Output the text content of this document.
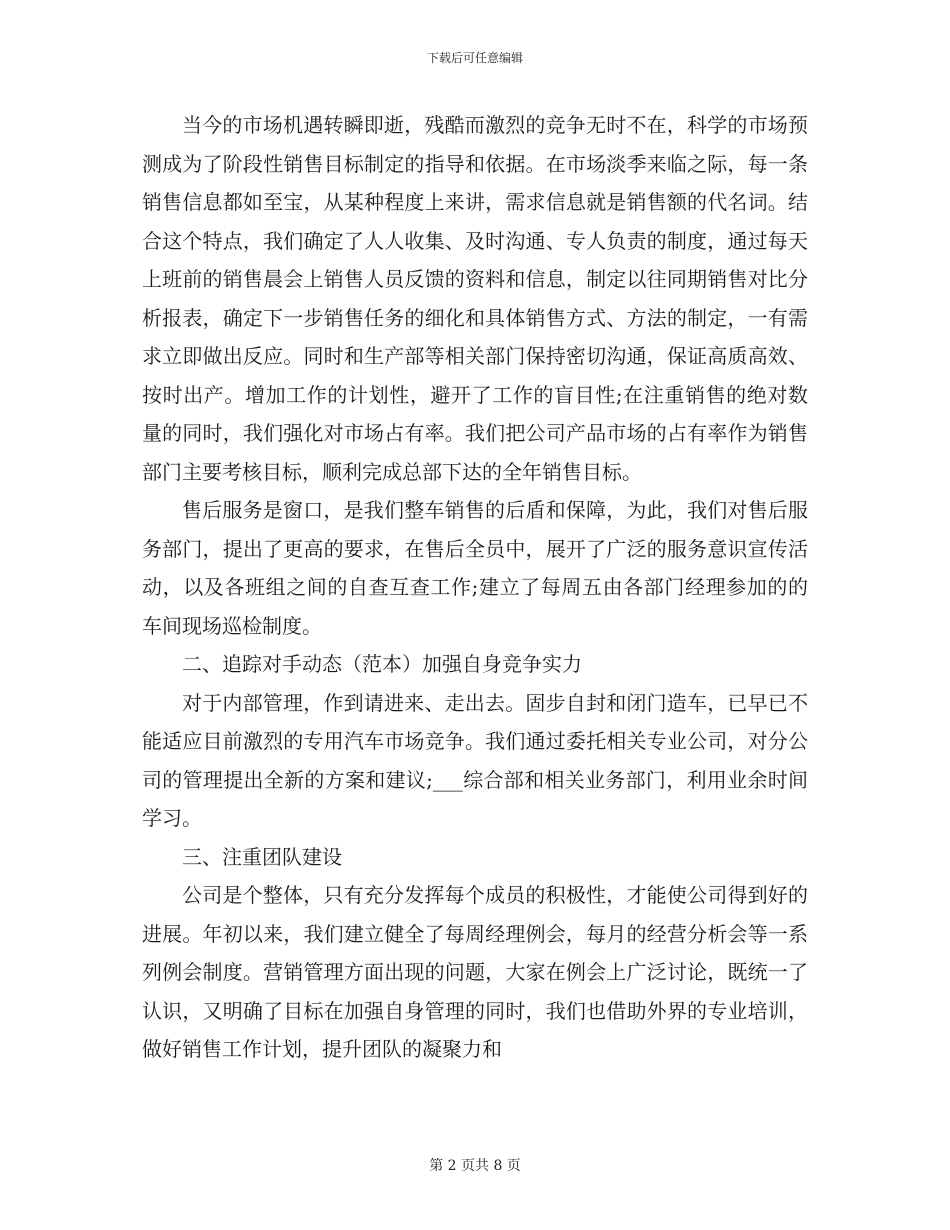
下载后可任意编辑

当今的市场机遇转瞬即逝，残酷而激烈的竞争无时不在，科学的市场预测成为了阶段性销售目标制定的指导和依据。在市场淡季来临之际，每一条销售信息都如至宝，从某种程度上来讲，需求信息就是销售额的代名词。结合这个特点，我们确定了人人收集、及时沟通、专人负责的制度，通过每天上班前的销售晨会上销售人员反馈的资料和信息，制定以往同期销售对比分析报表，确定下一步销售任务的细化和具体销售方式、方法的制定，一有需求立即做出反应。同时和生产部等相关部门保持密切沟通，保证高质高效、按时出产。增加工作的计划性，避开了工作的盲目性;在注重销售的绝对数量的同时，我们强化对市场占有率。我们把公司产品市场的占有率作为销售部门主要考核目标，顺利完成总部下达的全年销售目标。

售后服务是窗口，是我们整车销售的后盾和保障，为此，我们对售后服务部门，提出了更高的要求，在售后全员中，展开了广泛的服务意识宣传活动，以及各班组之间的自查互查工作;建立了每周五由各部门经理参加的的车间现场巡检制度。

二、追踪对手动态（范本）加强自身竞争实力

对于内部管理，作到请进来、走出去。固步自封和闭门造车，已早已不能适应目前激烈的专用汽车市场竞争。我们通过委托相关专业公司，对分公司的管理提出全新的方案和建议;___综合部和相关业务部门，利用业余时间学习。

三、注重团队建设

公司是个整体，只有充分发挥每个成员的积极性，才能使公司得到好的进展。年初以来，我们建立健全了每周经理例会，每月的经营分析会等一系列例会制度。营销管理方面出现的问题，大家在例会上广泛讨论，既统一了认识，又明确了目标在加强自身管理的同时，我们也借助外界的专业培训，做好销售工作计划，提升团队的凝聚力和

第 2 页共 8 页
